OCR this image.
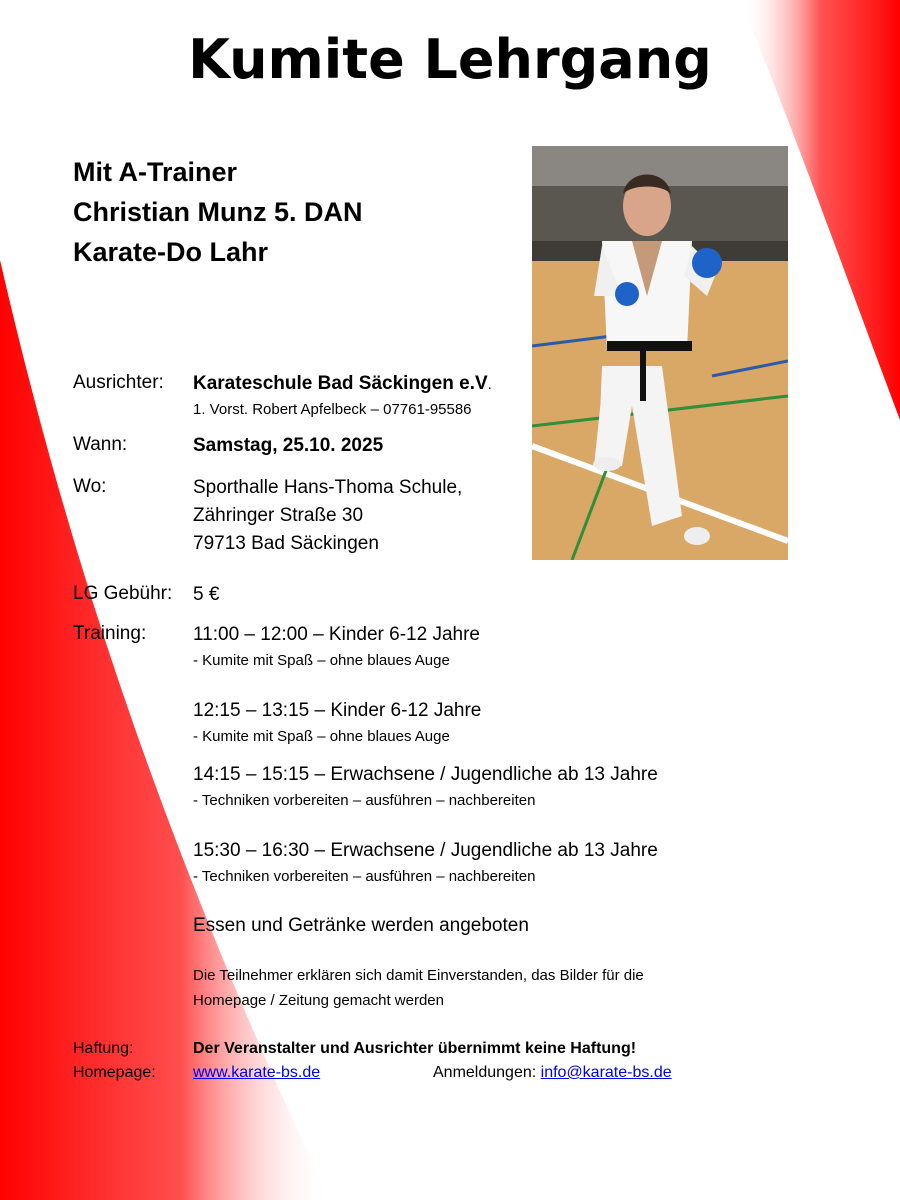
Kumite Lehrgang
Mit A-Trainer
Christian Munz 5. DAN
Karate-Do Lahr
Ausrichter: Karateschule Bad Säckingen e.V.
1. Vorst. Robert Apfelbeck – 07761-95586
Wann:	Samstag, 25.10. 2025
Wo:	Sporthalle Hans-Thoma Schule,
Zähringer Straße 30
79713 Bad Säckingen
LG Gebühr: 5 €
Training: 11:00 – 12:00 – Kinder 6-12 Jahre
- Kumite mit Spaß – ohne blaues Auge
12:15 – 13:15 – Kinder 6-12 Jahre
- Kumite mit Spaß – ohne blaues Auge
14:15 – 15:15 – Erwachsene / Jugendliche ab 13 Jahre
- Techniken vorbereiten – ausführen – nachbereiten
15:30 – 16:30 – Erwachsene / Jugendliche ab 13 Jahre
- Techniken vorbereiten – ausführen – nachbereiten
Essen und Getränke werden angeboten
Die Teilnehmer erklären sich damit Einverstanden, das Bilder für die
Homepage / Zeitung gemacht werden
Haftung:	Der Veranstalter und Ausrichter übernimmt keine Haftung!
Homepage: www.karate-bs.de	Anmeldungen: info@karate-bs.de
